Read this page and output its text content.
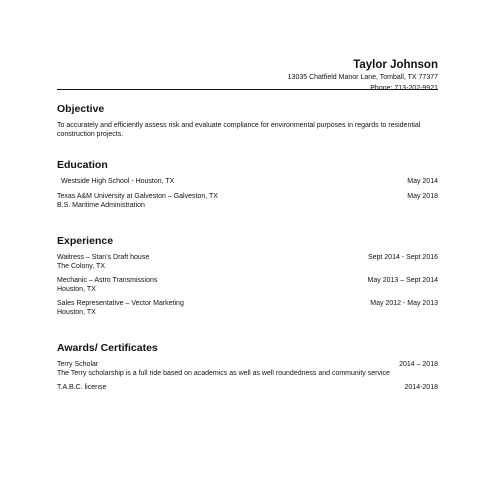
Taylor Johnson
13035 Chatfield Manor Lane, Tomball, TX 77377
Phone: 713-202-9921
Objective
To accurately and efficiently assess risk and evaluate compliance for environmental purposes in regards to residential construction projects.
Education
Westside High School - Houston, TX	May 2014
Texas A&M University at Galveston – Galveston, TX
B.S. Maritime Administration
May 2018
Experience
Waitress – Stan’s Draft house
The Colony, TX
Sept 2014 - Sept 2016
Mechanic – Astro Transmissions
Houston, TX
May 2013 – Sept 2014
Sales Representative – Vector Marketing
Houston, TX
May 2012 - May 2013
Awards/ Certificates
Terry Scholar
The Terry scholarship is a full ride based on academics as well as well roundedness and community service
2014 – 2018
T.A.B.C. license	2014-2018
